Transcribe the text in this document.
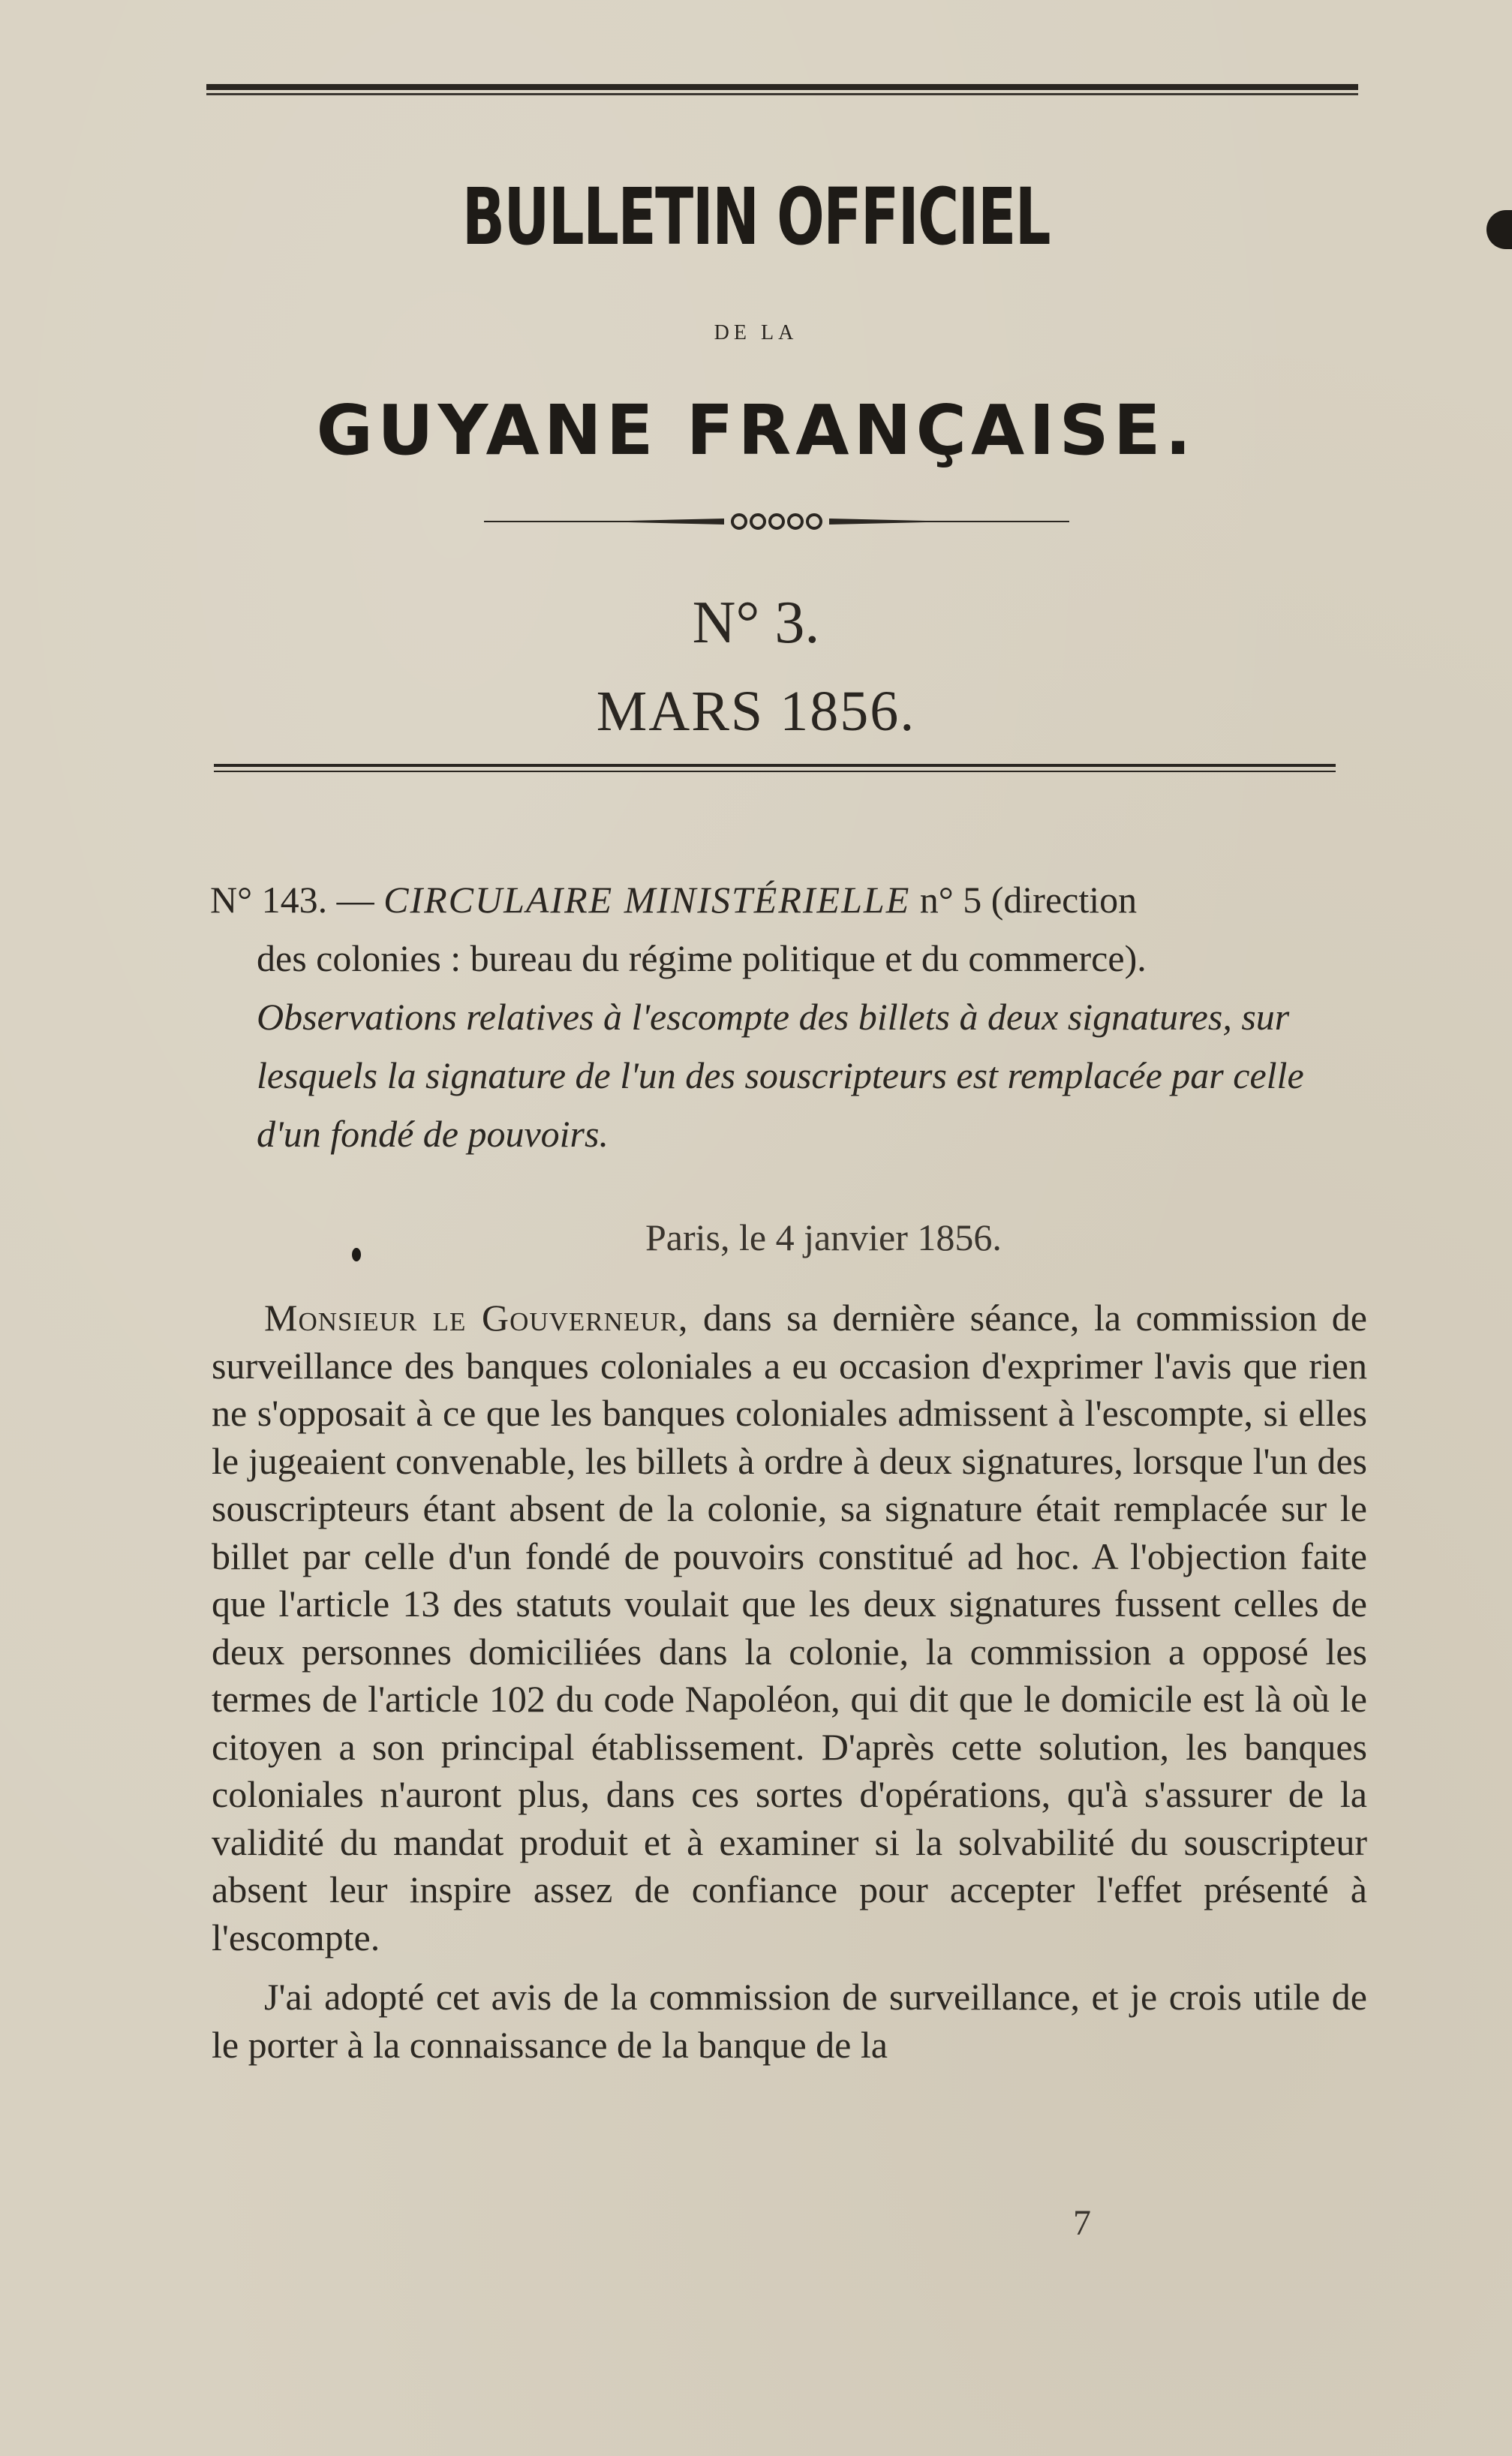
BULLETIN OFFICIEL
DE LA
GUYANE FRANÇAISE.
N° 3.
MARS 1856.
N° 143. — CIRCULAIRE MINISTÉRIELLE n° 5 (direction
des colonies : bureau du régime politique et du commerce).
Observations relatives à l'escompte des billets à deux signatures, sur lesquels la signature de l'un des souscripteurs est remplacée par celle d'un fondé de pouvoirs.
Paris, le 4 janvier 1856.

Monsieur le Gouverneur, dans sa dernière séance, la commission de surveillance des banques coloniales a eu occasion d'exprimer l'avis que rien ne s'opposait à ce que les banques coloniales admissent à l'escompte, si elles le jugeaient convenable, les billets à ordre à deux signatures, lorsque l'un des souscripteurs étant absent de la colonie, sa signature était remplacée sur le billet par celle d'un fondé de pouvoirs constitué ad hoc. A l'objection faite que l'article 13 des statuts voulait que les deux signatures fussent celles de deux personnes domiciliées dans la colonie, la commission a opposé les termes de l'article 102 du code Napoléon, qui dit que le domicile est là où le citoyen a son principal établissement. D'après cette solution, les banques coloniales n'auront plus, dans ces sortes d'opérations, qu'à s'assurer de la validité du mandat produit et à examiner si la solvabilité du souscripteur absent leur inspire assez de confiance pour accepter l'effet présenté à l'escompte.

J'ai adopté cet avis de la commission de surveillance, et je crois utile de le porter à la connaissance de la banque de la

7
